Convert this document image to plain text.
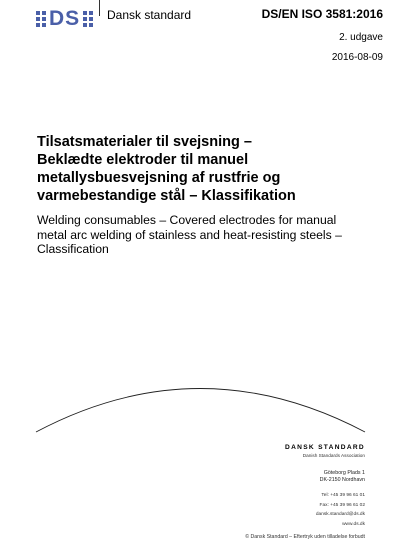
DS Dansk standard	DS/EN ISO 3581:2016
2. udgave
2016-08-09
Tilsatsmaterialer til svejsning –
Beklædte elektroder til manuel
metallysbuesvejsning af rustfrie og
varmebestandige stål – Klassifikation
Welding consumables – Covered electrodes for manual
metal arc welding of stainless and heat-resisting steels –
Classification
DANSK STANDARD
Danish Standards Association
Göteborg Plads 1
DK-2150 Nordhavn
Tel: +45 39 96 61 01
Fax: +45 39 96 61 02
dansk.standard@ds.dk
www.ds.dk
© Dansk Standard – Eftertryk uden tilladelse forbudt
